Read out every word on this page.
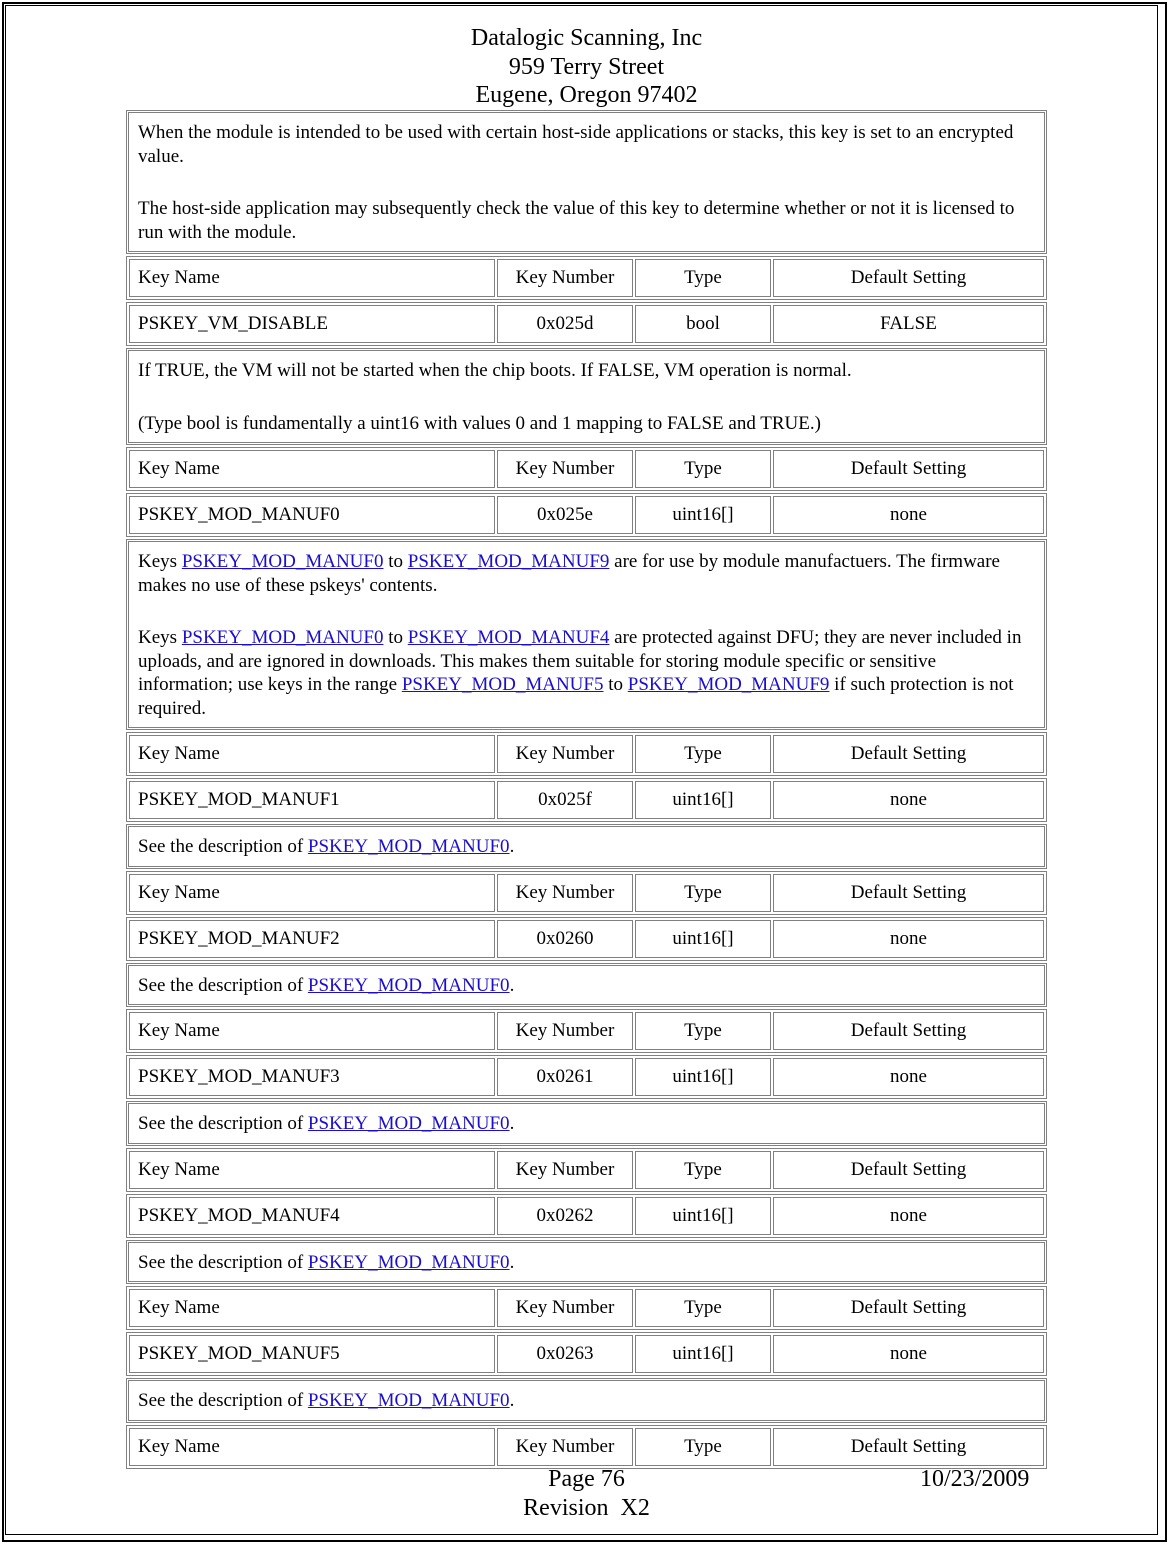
Datalogic Scanning, Inc
959 Terry Street
Eugene, Oregon 97402

When the module is intended to be used with certain host-side applications or stacks, this key is set to an encrypted value.

The host-side application may subsequently check the value of this key to determine whether or not it is licensed to run with the module.

Key Name	Key Number	Type	Default Setting
PSKEY_VM_DISABLE	0x025d	bool	FALSE

If TRUE, the VM will not be started when the chip boots. If FALSE, VM operation is normal.

(Type bool is fundamentally a uint16 with values 0 and 1 mapping to FALSE and TRUE.)

Key Name	Key Number	Type	Default Setting
PSKEY_MOD_MANUF0	0x025e	uint16[]	none

Keys PSKEY_MOD_MANUF0 to PSKEY_MOD_MANUF9 are for use by module manufactuers. The firmware makes no use of these pskeys' contents.

Keys PSKEY_MOD_MANUF0 to PSKEY_MOD_MANUF4 are protected against DFU; they are never included in uploads, and are ignored in downloads. This makes them suitable for storing module specific or sensitive information; use keys in the range PSKEY_MOD_MANUF5 to PSKEY_MOD_MANUF9 if such protection is not required.

Key Name	Key Number	Type	Default Setting
PSKEY_MOD_MANUF1	0x025f	uint16[]	none

See the description of PSKEY_MOD_MANUF0.

Key Name	Key Number	Type	Default Setting
PSKEY_MOD_MANUF2	0x0260	uint16[]	none

See the description of PSKEY_MOD_MANUF0.

Key Name	Key Number	Type	Default Setting
PSKEY_MOD_MANUF3	0x0261	uint16[]	none

See the description of PSKEY_MOD_MANUF0.

Key Name	Key Number	Type	Default Setting
PSKEY_MOD_MANUF4	0x0262	uint16[]	none

See the description of PSKEY_MOD_MANUF0.

Key Name	Key Number	Type	Default Setting
PSKEY_MOD_MANUF5	0x0263	uint16[]	none

See the description of PSKEY_MOD_MANUF0.

Key Name	Key Number	Type	Default Setting
Page 76
Revision  X2
10/23/2009
